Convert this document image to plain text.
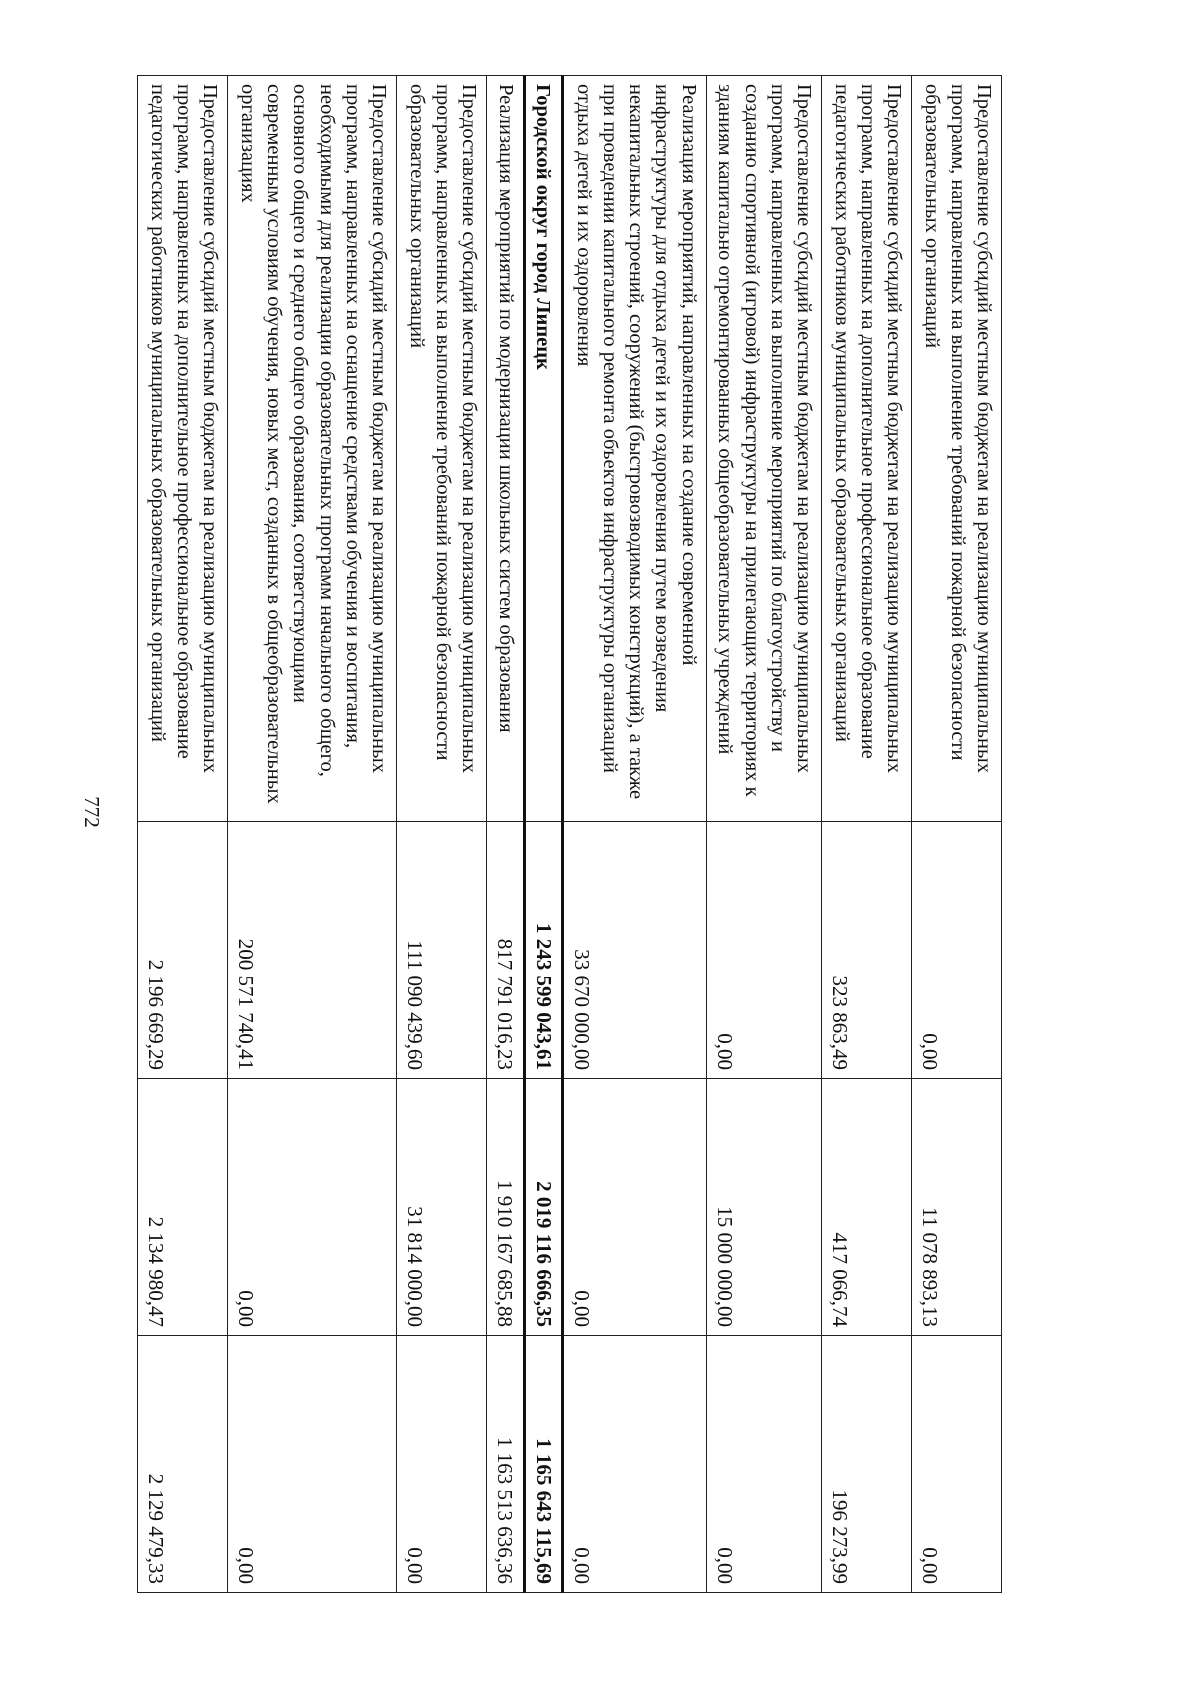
772
Предоставление субсидий местным бюджетам на реализацию муниципальных программ, направленных на выполнение требований пожарной безопасности образовательных организаций	0,00	11 078 893,13	0,00
Предоставление субсидий местным бюджетам на реализацию муниципальных программ, направленных на дополнительное профессиональное образование педагогических работников муниципальных образовательных организаций	323 863,49	417 066,74	196 273,99
Предоставление субсидий местным бюджетам на реализацию муниципальных программ, направленных на выполнение мероприятий по благоустройству и созданию спортивной (игровой) инфраструктуры на прилегающих территориях к зданиям капитально отремонтированных общеобразовательных учреждений	0,00	15 000 000,00	0,00
Реализация мероприятий, направленных на создание современной инфраструктуры для отдыха детей и их оздоровления путем возведения некапитальных строений, сооружений (быстровозводимых конструкций), а также при проведении капитального ремонта объектов инфраструктуры организаций отдыха детей и их оздоровления	33 670 000,00	0,00	0,00
Городской округ город Липецк	1 243 599 043,61	2 019 116 666,35	1 165 643 115,69
Реализация мероприятий по модернизации школьных систем образования	817 791 016,23	1 910 167 685,88	1 163 513 636,36
Предоставление субсидий местным бюджетам на реализацию муниципальных программ, направленных на выполнение требований пожарной безопасности образовательных организаций	111 090 439,60	31 814 000,00	0,00
Предоставление субсидий местным бюджетам на реализацию муниципальных программ, направленных на оснащение средствами обучения и воспитания, необходимыми для реализации образовательных программ начального общего, основного общего и среднего общего образования, соответствующими современным условиям обучения, новых мест, созданных в общеобразовательных организациях	200 571 740,41	0,00	0,00
Предоставление субсидий местным бюджетам на реализацию муниципальных программ, направленных на дополнительное профессиональное образование педагогических работников муниципальных образовательных организаций	2 196 669,29	2 134 980,47	2 129 479,33
